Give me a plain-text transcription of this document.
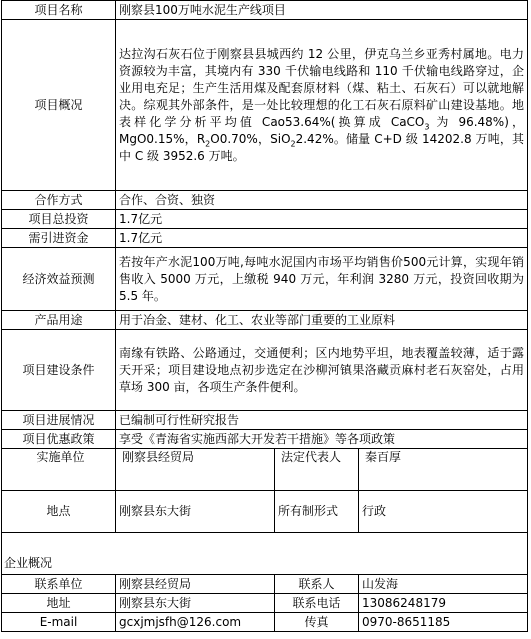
项目名称	刚察县100万吨水泥生产线项目		
项目概况	达拉沟石灰石位于刚察县县城西约 12 公里，伊克乌兰乡亚秀村属地。电力资源较为丰富，其境内有 330 千伏输电线路和 110 千伏输电线路穿过，企业用电充足；生产生活用煤及配套原材料（煤、粘土、石灰石）可以就地解决。综观其外部条件，是一处比较理想的化工石灰石原料矿山建设基地。地表样化学分析平均值 Cao53.64%(换算成 CaCO$_3$ 为 96.48%)，MgO0.15%，$R_2O0.70\%$，SiO$_2$2.42%。储量 C+D 级 14202.8 万吨，其中 C 级 3952.6 万吨。		
合作方式	合作、合资、独资		
项目总投资	1.7亿元		
需引进资金	1.7亿元		
经济效益预测	若按年产水泥100万吨,每吨水泥国内市场平均销售价500元计算，实现年销售收入 5000 万元，上缴税 940 万元，年利润 3280 万元，投资回收期为 5.5 年。		
产品用途	用于冶金、建材、化工、农业等部门重要的工业原料		
项目建设条件	南缘有铁路、公路通过，交通便利；区内地势平坦，地表覆盖较薄，适于露天开采；项目建设地点初步选定在沙柳河镇果洛藏贡麻村老石灰窑处，占用草场 300 亩，各项生产条件便利。		
项目进展情况	已编制可行性研究报告		
项目优惠政策	享受《青海省实施西部大开发若干措施》等各项政策		
实施单位	刚察县经贸局	法定代表人	秦百厚
地点	刚察县东大街	所有制形式	行政
企业概况			
联系单位	刚察县经贸局	联系人	山发海
地址	刚察县东大街	联系电话	13086248179
E-mail	gcxjmjsfh@126.com	传真	0970-8651185
